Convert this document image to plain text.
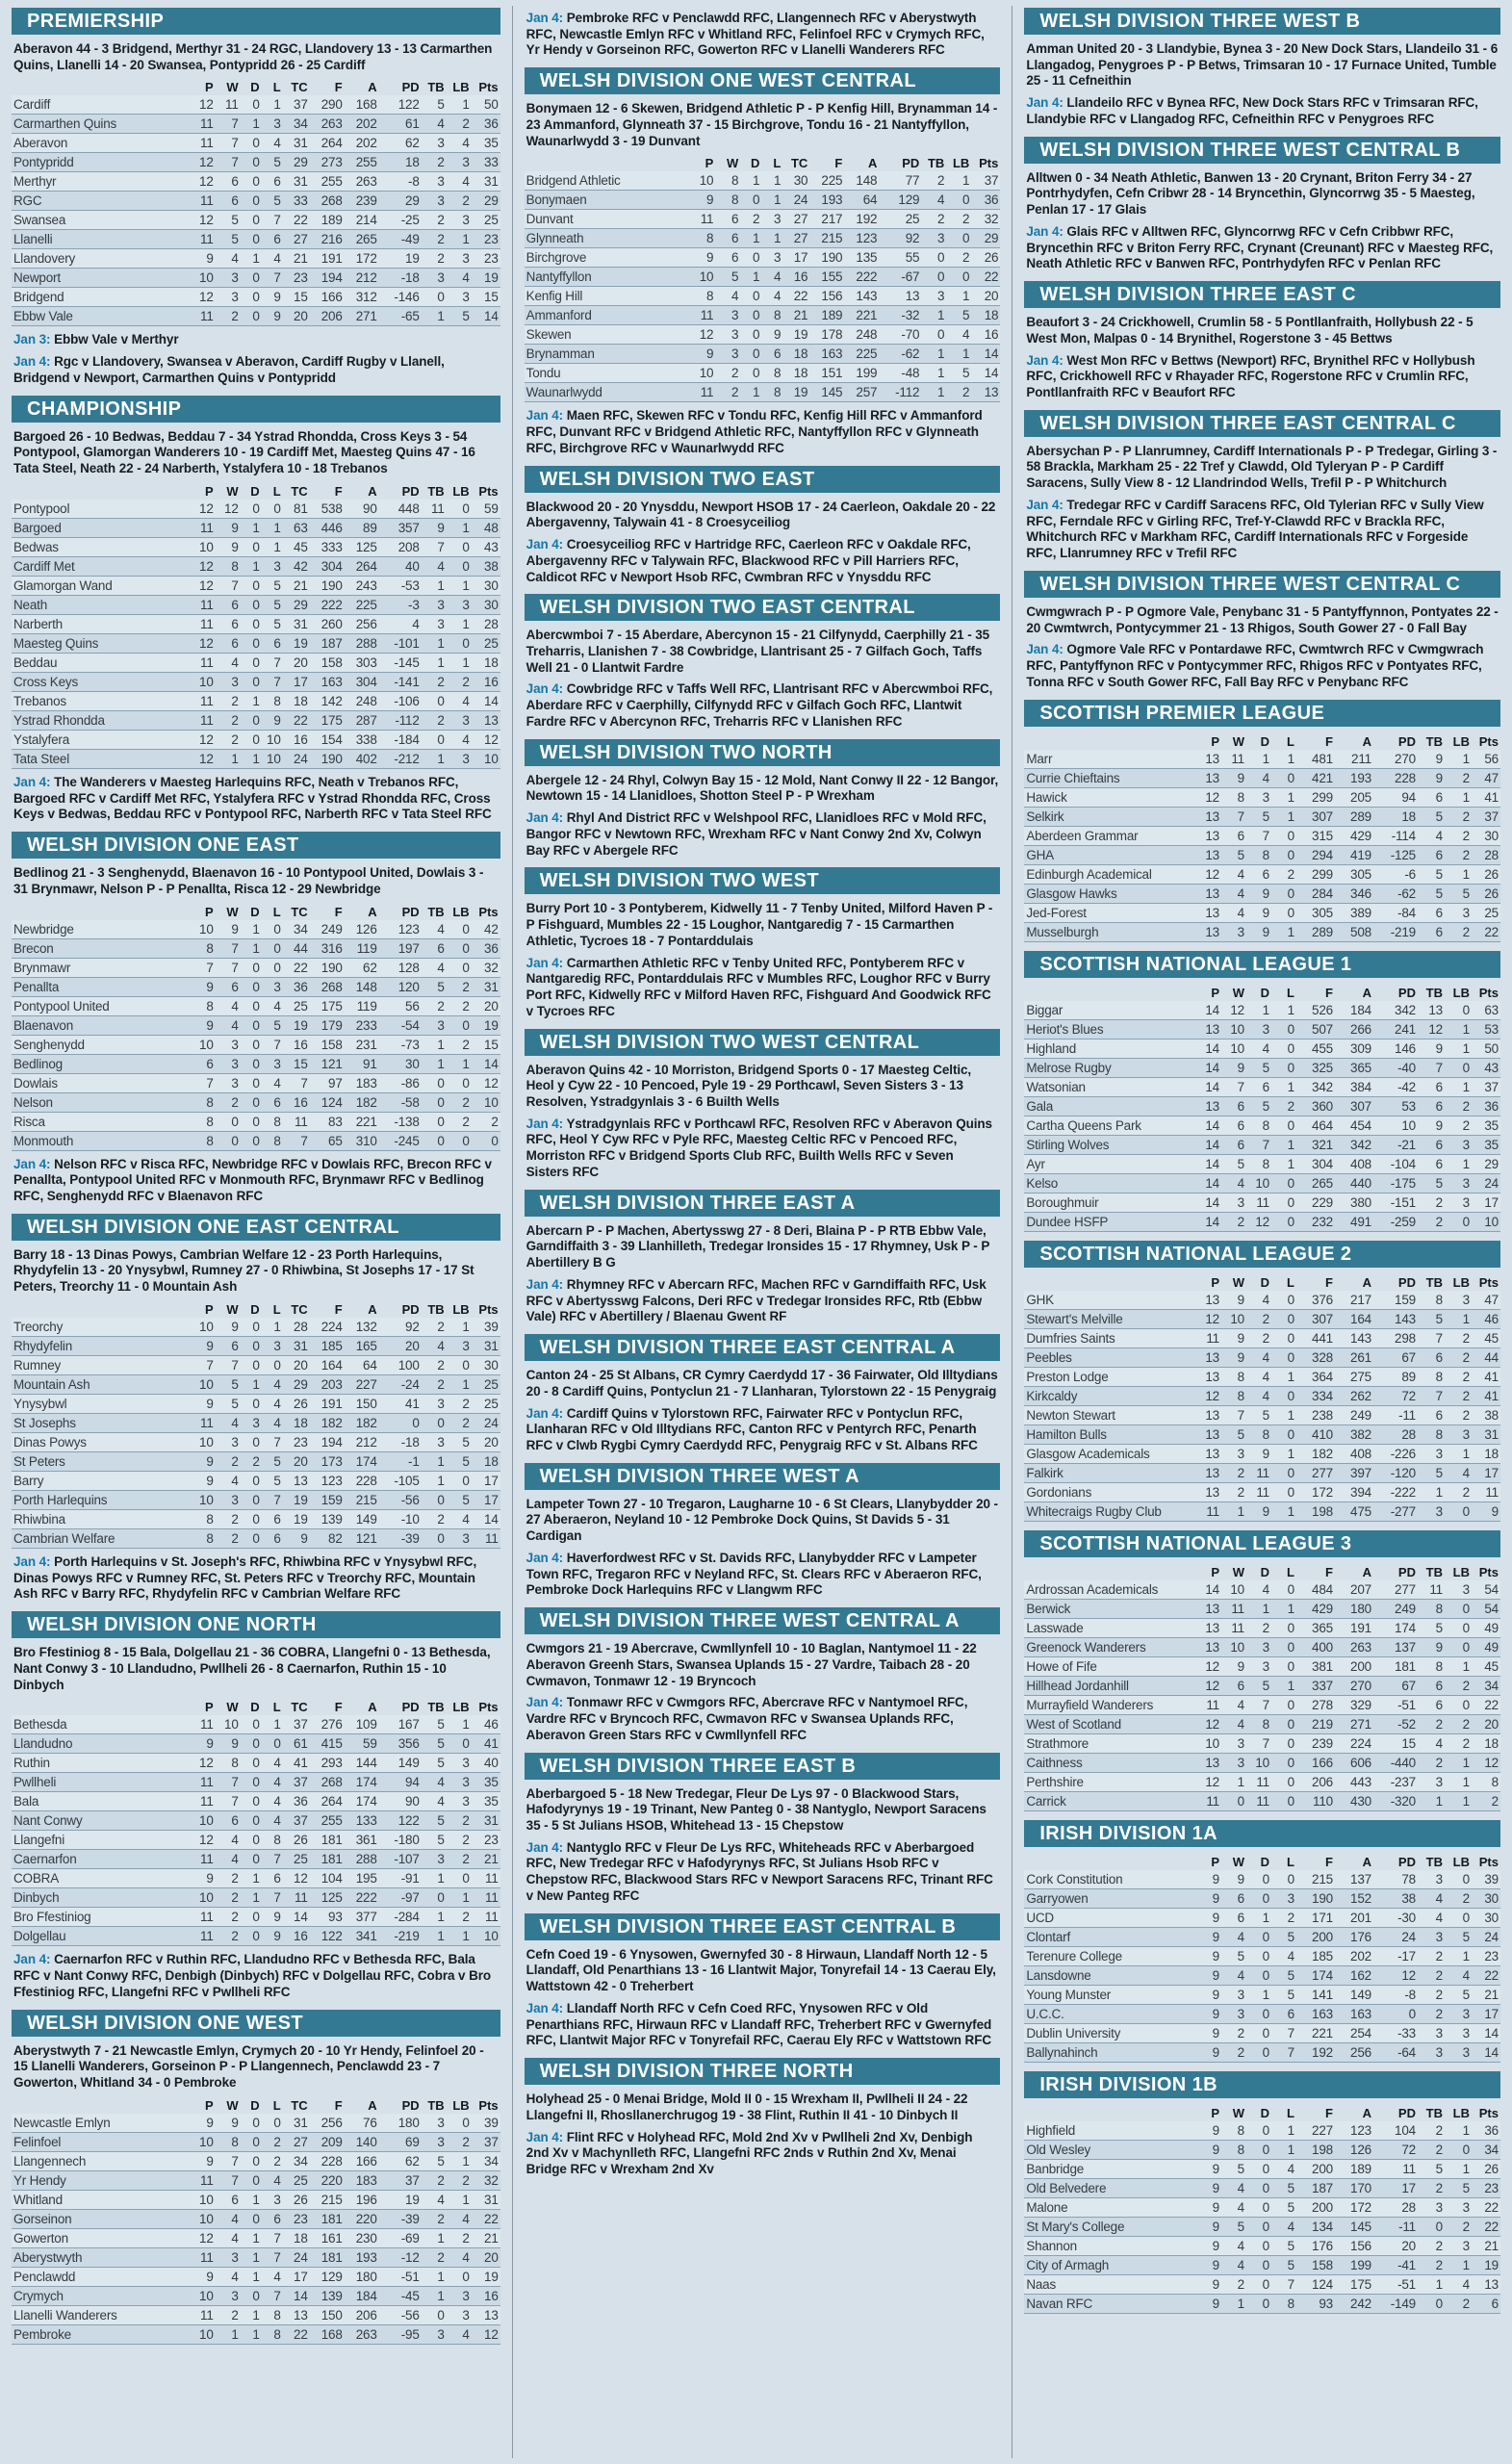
PREMIERSHIP

Aberavon 44 - 3 Bridgend, Merthyr 31 - 24 RGC, Llandovery 13 - 13 Carmarthen Quins, Llanelli 14 - 20 Swansea, Pontypridd 26 - 25 Cardiff

	P	W	D	L	TC	F	A	PD	TB	LB	Pts
Cardiff	12	11	0	1	37	290	168	122	5	1	50
Carmarthen Quins	11	7	1	3	34	263	202	61	4	2	36
Aberavon	11	7	0	4	31	264	202	62	3	4	35
Pontypridd	12	7	0	5	29	273	255	18	2	3	33
Merthyr	12	6	0	6	31	255	263	-8	3	4	31
RGC	11	6	0	5	33	268	239	29	3	2	29
Swansea	12	5	0	7	22	189	214	-25	2	3	25
Llanelli	11	5	0	6	27	216	265	-49	2	1	23
Llandovery	9	4	1	4	21	191	172	19	2	3	23
Newport	10	3	0	7	23	194	212	-18	3	4	19
Bridgend	12	3	0	9	15	166	312	-146	0	3	15
Ebbw Vale	11	2	0	9	20	206	271	-65	1	5	14

Jan 3: Ebbw Vale v Merthyr

Jan 4: Rgc v Llandovery, Swansea v Aberavon, Cardiff Rugby v Llanell, Bridgend v Newport, Carmarthen Quins v Pontypridd

CHAMPIONSHIP

Bargoed 26 - 10 Bedwas, Beddau 7 - 34 Ystrad Rhondda, Cross Keys 3 - 54 Pontypool, Glamorgan Wanderers 10 - 19 Cardiff Met, Maesteg Quins 47 - 16 Tata Steel, Neath 22 - 24 Narberth, Ystalyfera 10 - 18 Trebanos

	P	W	D	L	TC	F	A	PD	TB	LB	Pts
Pontypool	12	12	0	0	81	538	90	448	11	0	59
Bargoed	11	9	1	1	63	446	89	357	9	1	48
Bedwas	10	9	0	1	45	333	125	208	7	0	43
Cardiff Met	12	8	1	3	42	304	264	40	4	0	38
Glamorgan Wand	12	7	0	5	21	190	243	-53	1	1	30
Neath	11	6	0	5	29	222	225	-3	3	3	30
Narberth	11	6	0	5	31	260	256	4	3	1	28
Maesteg Quins	12	6	0	6	19	187	288	-101	1	0	25
Beddau	11	4	0	7	20	158	303	-145	1	1	18
Cross Keys	10	3	0	7	17	163	304	-141	2	2	16
Trebanos	11	2	1	8	18	142	248	-106	0	4	14
Ystrad Rhondda	11	2	0	9	22	175	287	-112	2	3	13
Ystalyfera	12	2	0	10	16	154	338	-184	0	4	12
Tata Steel	12	1	1	10	24	190	402	-212	1	3	10

Jan 4: The Wanderers v Maesteg Harlequins RFC, Neath v Trebanos RFC, Bargoed RFC v Cardiff Met RFC, Ystalyfera RFC v Ystrad Rhondda RFC, Cross Keys v Bedwas, Beddau RFC v Pontypool RFC, Narberth RFC v Tata Steel RFC

WELSH DIVISION ONE EAST

Bedlinog 21 - 3 Senghenydd, Blaenavon 16 - 10 Pontypool United, Dowlais 3 - 31 Brynmawr, Nelson P - P Penallta, Risca 12 - 29 Newbridge

	P	W	D	L	TC	F	A	PD	TB	LB	Pts
Newbridge	10	9	1	0	34	249	126	123	4	0	42
Brecon	8	7	1	0	44	316	119	197	6	0	36
Brynmawr	7	7	0	0	22	190	62	128	4	0	32
Penallta	9	6	0	3	36	268	148	120	5	2	31
Pontypool United	8	4	0	4	25	175	119	56	2	2	20
Blaenavon	9	4	0	5	19	179	233	-54	3	0	19
Senghenydd	10	3	0	7	16	158	231	-73	1	2	15
Bedlinog	6	3	0	3	15	121	91	30	1	1	14
Dowlais	7	3	0	4	7	97	183	-86	0	0	12
Nelson	8	2	0	6	16	124	182	-58	0	2	10
Risca	8	0	0	8	11	83	221	-138	0	2	2
Monmouth	8	0	0	8	7	65	310	-245	0	0	0

Jan 4: Nelson RFC v Risca RFC, Newbridge RFC v Dowlais RFC, Brecon RFC v Penallta, Pontypool United RFC v Monmouth RFC, Brynmawr RFC v Bedlinog RFC, Senghenydd RFC v Blaenavon RFC

WELSH DIVISION ONE EAST CENTRAL

Barry 18 - 13 Dinas Powys, Cambrian Welfare 12 - 23 Porth Harlequins, Rhydyfelin 13 - 20 Ynysybwl, Rumney 27 - 0 Rhiwbina, St Josephs 17 - 17 St Peters, Treorchy 11 - 0 Mountain Ash

	P	W	D	L	TC	F	A	PD	TB	LB	Pts
Treorchy	10	9	0	1	28	224	132	92	2	1	39
Rhydyfelin	9	6	0	3	31	185	165	20	4	3	31
Rumney	7	7	0	0	20	164	64	100	2	0	30
Mountain Ash	10	5	1	4	29	203	227	-24	2	1	25
Ynysybwl	9	5	0	4	26	191	150	41	3	2	25
St Josephs	11	4	3	4	18	182	182	0	0	2	24
Dinas Powys	10	3	0	7	23	194	212	-18	3	5	20
St Peters	9	2	2	5	20	173	174	-1	1	5	18
Barry	9	4	0	5	13	123	228	-105	1	0	17
Porth Harlequins	10	3	0	7	19	159	215	-56	0	5	17
Rhiwbina	8	2	0	6	19	139	149	-10	2	4	14
Cambrian Welfare	8	2	0	6	9	82	121	-39	0	3	11

Jan 4: Porth Harlequins v St. Joseph's RFC, Rhiwbina RFC v Ynysybwl RFC, Dinas Powys RFC v Rumney RFC, St. Peters RFC v Treorchy RFC, Mountain Ash RFC v Barry RFC, Rhydyfelin RFC v Cambrian Welfare RFC

WELSH DIVISION ONE NORTH

Bro Ffestiniog 8 - 15 Bala, Dolgellau 21 - 36 COBRA, Llangefni 0 - 13 Bethesda, Nant Conwy 3 - 10 Llandudno, Pwllheli 26 - 8 Caernarfon, Ruthin 15 - 10 Dinbych

	P	W	D	L	TC	F	A	PD	TB	LB	Pts
Bethesda	11	10	0	1	37	276	109	167	5	1	46
Llandudno	9	9	0	0	61	415	59	356	5	0	41
Ruthin	12	8	0	4	41	293	144	149	5	3	40
Pwllheli	11	7	0	4	37	268	174	94	4	3	35
Bala	11	7	0	4	36	264	174	90	4	3	35
Nant Conwy	10	6	0	4	37	255	133	122	5	2	31
Llangefni	12	4	0	8	26	181	361	-180	5	2	23
Caernarfon	11	4	0	7	25	181	288	-107	3	2	21
COBRA	9	2	1	6	12	104	195	-91	1	0	11
Dinbych	10	2	1	7	11	125	222	-97	0	1	11
Bro Ffestiniog	11	2	0	9	14	93	377	-284	1	2	11
Dolgellau	11	2	0	9	16	122	341	-219	1	1	10

Jan 4: Caernarfon RFC v Ruthin RFC, Llandudno RFC v Bethesda RFC, Bala RFC v Nant Conwy RFC, Denbigh (Dinbych) RFC v Dolgellau RFC, Cobra v Bro Ffestiniog RFC, Llangefni RFC v Pwllheli RFC

WELSH DIVISION ONE WEST

Aberystwyth 7 - 21 Newcastle Emlyn, Crymych 20 - 10 Yr Hendy, Felinfoel 20 - 15 Llanelli Wanderers, Gorseinon P - P Llangennech, Penclawdd 23 - 7 Gowerton, Whitland 34 - 0 Pembroke

	P	W	D	L	TC	F	A	PD	TB	LB	Pts
Newcastle Emlyn	9	9	0	0	31	256	76	180	3	0	39
Felinfoel	10	8	0	2	27	209	140	69	3	2	37
Llangennech	9	7	0	2	34	228	166	62	5	1	34
Yr Hendy	11	7	0	4	25	220	183	37	2	2	32
Whitland	10	6	1	3	26	215	196	19	4	1	31
Gorseinon	10	4	0	6	23	181	220	-39	2	4	22
Gowerton	12	4	1	7	18	161	230	-69	1	2	21
Aberystwyth	11	3	1	7	24	181	193	-12	2	4	20
Penclawdd	9	4	1	4	17	129	180	-51	1	0	19
Crymych	10	3	0	7	14	139	184	-45	1	3	16
Llanelli Wanderers	11	2	1	8	13	150	206	-56	0	3	13
Pembroke	10	1	1	8	22	168	263	-95	3	4	12

Jan 4: Pembroke RFC v Penclawdd RFC, Llangennech RFC v Aberystwyth RFC, Newcastle Emlyn RFC v Whitland RFC, Felinfoel RFC v Crymych RFC, Yr Hendy v Gorseinon RFC, Gowerton RFC v Llanelli Wanderers RFC

WELSH DIVISION ONE WEST CENTRAL

Bonymaen 12 - 6 Skewen, Bridgend Athletic P - P Kenfig Hill, Brynamman 14 - 23 Ammanford, Glynneath 37 - 15 Birchgrove, Tondu 16 - 21 Nantyffyllon, Waunarlwydd 3 - 19 Dunvant

	P	W	D	L	TC	F	A	PD	TB	LB	Pts
Bridgend Athletic	10	8	1	1	30	225	148	77	2	1	37
Bonymaen	9	8	0	1	24	193	64	129	4	0	36
Dunvant	11	6	2	3	27	217	192	25	2	2	32
Glynneath	8	6	1	1	27	215	123	92	3	0	29
Birchgrove	9	6	0	3	17	190	135	55	0	2	26
Nantyffyllon	10	5	1	4	16	155	222	-67	0	0	22
Kenfig Hill	8	4	0	4	22	156	143	13	3	1	20
Ammanford	11	3	0	8	21	189	221	-32	1	5	18
Skewen	12	3	0	9	19	178	248	-70	0	4	16
Brynamman	9	3	0	6	18	163	225	-62	1	1	14
Tondu	10	2	0	8	18	151	199	-48	1	5	14
Waunarlwydd	11	2	1	8	19	145	257	-112	1	2	13

Jan 4: Maen RFC, Skewen RFC v Tondu RFC, Kenfig Hill RFC v Ammanford RFC, Dunvant RFC v Bridgend Athletic RFC, Nantyffyllon RFC v Glynneath RFC, Birchgrove RFC v Waunarlwydd RFC

WELSH DIVISION TWO EAST

Blackwood 20 - 20 Ynysddu, Newport HSOB 17 - 24 Caerleon, Oakdale 20 - 22 Abergavenny, Talywain 41 - 8 Croesyceiliog

Jan 4: Croesyceiliog RFC v Hartridge RFC, Caerleon RFC v Oakdale RFC, Abergavenny RFC v Talywain RFC, Blackwood RFC v Pill Harriers RFC, Caldicot RFC v Newport Hsob RFC, Cwmbran RFC v Ynysddu RFC

WELSH DIVISION TWO EAST CENTRAL

Abercwmboi 7 - 15 Aberdare, Abercynon 15 - 21 Cilfynydd, Caerphilly 21 - 35 Treharris, Llanishen 7 - 38 Cowbridge, Llantrisant 25 - 7 Gilfach Goch, Taffs Well 21 - 0 Llantwit Fardre

Jan 4: Cowbridge RFC v Taffs Well RFC, Llantrisant RFC v Abercwmboi RFC, Aberdare RFC v Caerphilly, Cilfynydd RFC v Gilfach Goch RFC, Llantwit Fardre RFC v Abercynon RFC, Treharris RFC v Llanishen RFC

WELSH DIVISION TWO NORTH

Abergele 12 - 24 Rhyl, Colwyn Bay 15 - 12 Mold, Nant Conwy II 22 - 12 Bangor, Newtown 15 - 14 Llanidloes, Shotton Steel P - P Wrexham

Jan 4: Rhyl And District RFC v Welshpool RFC, Llanidloes RFC v Mold RFC, Bangor RFC v Newtown RFC, Wrexham RFC v Nant Conwy 2nd Xv, Colwyn Bay RFC v Abergele RFC

WELSH DIVISION TWO WEST

Burry Port 10 - 3 Pontyberem, Kidwelly 11 - 7 Tenby United, Milford Haven P - P Fishguard, Mumbles 22 - 15 Loughor, Nantgaredig 7 - 15 Carmarthen Athletic, Tycroes 18 - 7 Pontarddulais

Jan 4: Carmarthen Athletic RFC v Tenby United RFC, Pontyberem RFC v Nantgaredig RFC, Pontarddulais RFC v Mumbles RFC, Loughor RFC v Burry Port RFC, Kidwelly RFC v Milford Haven RFC, Fishguard And Goodwick RFC v Tycroes RFC

WELSH DIVISION TWO WEST CENTRAL

Aberavon Quins 42 - 10 Morriston, Bridgend Sports 0 - 17 Maesteg Celtic, Heol y Cyw 22 - 10 Pencoed, Pyle 19 - 29 Porthcawl, Seven Sisters 3 - 13 Resolven, Ystradgynlais 3 - 6 Builth Wells

Jan 4: Ystradgynlais RFC v Porthcawl RFC, Resolven RFC v Aberavon Quins RFC, Heol Y Cyw RFC v Pyle RFC, Maesteg Celtic RFC v Pencoed RFC, Morriston RFC v Bridgend Sports Club RFC, Builth Wells RFC v Seven Sisters RFC

WELSH DIVISION THREE EAST A

Abercarn P - P Machen, Abertysswg 27 - 8 Deri, Blaina P - P RTB Ebbw Vale, Garndiffaith 3 - 39 Llanhilleth, Tredegar Ironsides 15 - 17 Rhymney, Usk P - P Abertillery B G

Jan 4: Rhymney RFC v Abercarn RFC, Machen RFC v Garndiffaith RFC, Usk RFC v Abertysswg Falcons, Deri RFC v Tredegar Ironsides RFC, Rtb (Ebbw Vale) RFC v Abertillery / Blaenau Gwent RF

WELSH DIVISION THREE EAST CENTRAL A

Canton 24 - 25 St Albans, CR Cymry Caerdydd 17 - 36 Fairwater, Old Illtydians 20 - 8 Cardiff Quins, Pontyclun 21 - 7 Llanharan, Tylorstown 22 - 15 Penygraig

Jan 4: Cardiff Quins v Tylorstown RFC, Fairwater RFC v Pontyclun RFC, Llanharan RFC v Old Illtydians RFC, Canton RFC v Pentyrch RFC, Penarth RFC v Clwb Rygbi Cymry Caerdydd RFC, Penygraig RFC v St. Albans RFC

WELSH DIVISION THREE WEST A

Lampeter Town 27 - 10 Tregaron, Laugharne 10 - 6 St Clears, Llanybydder 20 - 27 Aberaeron, Neyland 10 - 12 Pembroke Dock Quins, St Davids 5 - 31 Cardigan

Jan 4: Haverfordwest RFC v St. Davids RFC, Llanybydder RFC v Lampeter Town RFC, Tregaron RFC v Neyland RFC, St. Clears RFC v Aberaeron RFC, Pembroke Dock Harlequins RFC v Llangwm RFC

WELSH DIVISION THREE WEST CENTRAL A

Cwmgors 21 - 19 Abercrave, Cwmllynfell 10 - 10 Baglan, Nantymoel 11 - 22 Aberavon Greenh Stars, Swansea Uplands 15 - 27 Vardre, Taibach 28 - 20 Cwmavon, Tonmawr 12 - 19 Bryncoch

Jan 4: Tonmawr RFC v Cwmgors RFC, Abercrave RFC v Nantymoel RFC, Vardre RFC v Bryncoch RFC, Cwmavon RFC v Swansea Uplands RFC, Aberavon Green Stars RFC v Cwmllynfell RFC

WELSH DIVISION THREE EAST B

Aberbargoed 5 - 18 New Tredegar, Fleur De Lys 97 - 0 Blackwood Stars, Hafodyrynys 19 - 19 Trinant, New Panteg 0 - 38 Nantyglo, Newport Saracens 35 - 5 St Julians HSOB, Whitehead 13 - 15 Chepstow

Jan 4: Nantyglo RFC v Fleur De Lys RFC, Whiteheads RFC v Aberbargoed RFC, New Tredegar RFC v Hafodyrynys RFC, St Julians Hsob RFC v Chepstow RFC, Blackwood Stars RFC v Newport Saracens RFC, Trinant RFC v New Panteg RFC

WELSH DIVISION THREE EAST CENTRAL B

Cefn Coed 19 - 6 Ynysowen, Gwernyfed 30 - 8 Hirwaun, Llandaff North 12 - 5 Llandaff, Old Penarthians 13 - 16 Llantwit Major, Tonyrefail 14 - 13 Caerau Ely, Wattstown 42 - 0 Treherbert

Jan 4: Llandaff North RFC v Cefn Coed RFC, Ynysowen RFC v Old Penarthians RFC, Hirwaun RFC v Llandaff RFC, Treherbert RFC v Gwernyfed RFC, Llantwit Major RFC v Tonyrefail RFC, Caerau Ely RFC v Wattstown RFC

WELSH DIVISION THREE NORTH

Holyhead 25 - 0 Menai Bridge, Mold II 0 - 15 Wrexham II, Pwllheli II 24 - 22 Llangefni II, Rhosllanerchrugog 19 - 38 Flint, Ruthin II 41 - 10 Dinbych II

Jan 4: Flint RFC v Holyhead RFC, Mold 2nd Xv v Pwllheli 2nd Xv, Denbigh 2nd Xv v Machynlleth RFC, Llangefni RFC 2nds v Ruthin 2nd Xv, Menai Bridge RFC v Wrexham 2nd Xv

WELSH DIVISION THREE WEST B

Amman United 20 - 3 Llandybie, Bynea 3 - 20 New Dock Stars, Llandeilo 31 - 6 Llangadog, Penygroes P - P Betws, Trimsaran 10 - 17 Furnace United, Tumble 25 - 11 Cefneithin

Jan 4: Llandeilo RFC v Bynea RFC, New Dock Stars RFC v Trimsaran RFC, Llandybie RFC v Llangadog RFC, Cefneithin RFC v Penygroes RFC

WELSH DIVISION THREE WEST CENTRAL B

Alltwen 0 - 34 Neath Athletic, Banwen 13 - 20 Crynant, Briton Ferry 34 - 27 Pontrhydyfen, Cefn Cribwr 28 - 14 Bryncethin, Glyncorrwg 35 - 5 Maesteg, Penlan 17 - 17 Glais

Jan 4: Glais RFC v Alltwen RFC, Glyncorrwg RFC v Cefn Cribbwr RFC, Bryncethin RFC v Briton Ferry RFC, Crynant (Creunant) RFC v Maesteg RFC, Neath Athletic RFC v Banwen RFC, Pontrhydyfen RFC v Penlan RFC

WELSH DIVISION THREE EAST C

Beaufort 3 - 24 Crickhowell, Crumlin 58 - 5 Pontllanfraith, Hollybush 22 - 5 West Mon, Malpas 0 - 14 Brynithel, Rogerstone 3 - 45 Bettws

Jan 4: West Mon RFC v Bettws (Newport) RFC, Brynithel RFC v Hollybush RFC, Crickhowell RFC v Rhayader RFC, Rogerstone RFC v Crumlin RFC, Pontllanfraith RFC v Beaufort RFC

WELSH DIVISION THREE EAST CENTRAL C

Abersychan P - P Llanrumney, Cardiff Internationals P - P Tredegar, Girling 3 - 58 Brackla, Markham 25 - 22 Tref y Clawdd, Old Tyleryan P - P Cardiff Saracens, Sully View 8 - 12 Llandrindod Wells, Trefil P - P Whitchurch

Jan 4: Tredegar RFC v Cardiff Saracens RFC, Old Tylerian RFC v Sully View RFC, Ferndale RFC v Girling RFC, Tref-Y-Clawdd RFC v Brackla RFC, Whitchurch RFC v Markham RFC, Cardiff Internationals RFC v Forgeside RFC, Llanrumney RFC v Trefil RFC

WELSH DIVISION THREE WEST CENTRAL C

Cwmgwrach P - P Ogmore Vale, Penybanc 31 - 5 Pantyffynnon, Pontyates 22 - 20 Cwmtwrch, Pontycymmer 21 - 13 Rhigos, South Gower 27 - 0 Fall Bay

Jan 4: Ogmore Vale RFC v Pontardawe RFC, Cwmtwrch RFC v Cwmgwrach RFC, Pantyffynon RFC v Pontycymmer RFC, Rhigos RFC v Pontyates RFC, Tonna RFC v South Gower RFC, Fall Bay RFC v Penybanc RFC

SCOTTISH PREMIER LEAGUE
	P	W	D	L	F	A	PD	TB	LB	Pts
Marr	13	11	1	1	481	211	270	9	1	56
Currie Chieftains	13	9	4	0	421	193	228	9	2	47
Hawick	12	8	3	1	299	205	94	6	1	41
Selkirk	13	7	5	1	307	289	18	5	2	37
Aberdeen Grammar	13	6	7	0	315	429	-114	4	2	30
GHA	13	5	8	0	294	419	-125	6	2	28
Edinburgh Academical	12	4	6	2	299	305	-6	5	1	26
Glasgow Hawks	13	4	9	0	284	346	-62	5	5	26
Jed-Forest	13	4	9	0	305	389	-84	6	3	25
Musselburgh	13	3	9	1	289	508	-219	6	2	22
SCOTTISH NATIONAL LEAGUE 1
	P	W	D	L	F	A	PD	TB	LB	Pts
Biggar	14	12	1	1	526	184	342	13	0	63
Heriot's Blues	13	10	3	0	507	266	241	12	1	53
Highland	14	10	4	0	455	309	146	9	1	50
Melrose Rugby	14	9	5	0	325	365	-40	7	0	43
Watsonian	14	7	6	1	342	384	-42	6	1	37
Gala	13	6	5	2	360	307	53	6	2	36
Cartha Queens Park	14	6	8	0	464	454	10	9	2	35
Stirling Wolves	14	6	7	1	321	342	-21	6	3	35
Ayr	14	5	8	1	304	408	-104	6	1	29
Kelso	14	4	10	0	265	440	-175	5	3	24
Boroughmuir	14	3	11	0	229	380	-151	2	3	17
Dundee HSFP	14	2	12	0	232	491	-259	2	0	10
SCOTTISH NATIONAL LEAGUE 2
	P	W	D	L	F	A	PD	TB	LB	Pts
GHK	13	9	4	0	376	217	159	8	3	47
Stewart's Melville	12	10	2	0	307	164	143	5	1	46
Dumfries Saints	11	9	2	0	441	143	298	7	2	45
Peebles	13	9	4	0	328	261	67	6	2	44
Preston Lodge	13	8	4	1	364	275	89	8	2	41
Kirkcaldy	12	8	4	0	334	262	72	7	2	41
Newton Stewart	13	7	5	1	238	249	-11	6	2	38
Hamilton Bulls	13	5	8	0	410	382	28	8	3	31
Glasgow Academicals	13	3	9	1	182	408	-226	3	1	18
Falkirk	13	2	11	0	277	397	-120	5	4	17
Gordonians	13	2	11	0	172	394	-222	1	2	11
Whitecraigs Rugby Club	11	1	9	1	198	475	-277	3	0	9
SCOTTISH NATIONAL LEAGUE 3
	P	W	D	L	F	A	PD	TB	LB	Pts
Ardrossan Academicals	14	10	4	0	484	207	277	11	3	54
Berwick	13	11	1	1	429	180	249	8	0	54
Lasswade	13	11	2	0	365	191	174	5	0	49
Greenock Wanderers	13	10	3	0	400	263	137	9	0	49
Howe of Fife	12	9	3	0	381	200	181	8	1	45
Hillhead Jordanhill	12	6	5	1	337	270	67	6	2	34
Murrayfield Wanderers	11	4	7	0	278	329	-51	6	0	22
West of Scotland	12	4	8	0	219	271	-52	2	2	20
Strathmore	10	3	7	0	239	224	15	4	2	18
Caithness	13	3	10	0	166	606	-440	2	1	12
Perthshire	12	1	11	0	206	443	-237	3	1	8
Carrick	11	0	11	0	110	430	-320	1	1	2
IRISH DIVISION 1A
	P	W	D	L	F	A	PD	TB	LB	Pts
Cork Constitution	9	9	0	0	215	137	78	3	0	39
Garryowen	9	6	0	3	190	152	38	4	2	30
UCD	9	6	1	2	171	201	-30	4	0	30
Clontarf	9	4	0	5	200	176	24	3	5	24
Terenure College	9	5	0	4	185	202	-17	2	1	23
Lansdowne	9	4	0	5	174	162	12	2	4	22
Young Munster	9	3	1	5	141	149	-8	2	5	21
U.C.C.	9	3	0	6	163	163	0	2	3	17
Dublin University	9	2	0	7	221	254	-33	3	3	14
Ballynahinch	9	2	0	7	192	256	-64	3	3	14
IRISH DIVISION 1B
	P	W	D	L	F	A	PD	TB	LB	Pts
Highfield	9	8	0	1	227	123	104	2	1	36
Old Wesley	9	8	0	1	198	126	72	2	0	34
Banbridge	9	5	0	4	200	189	11	5	1	26
Old Belvedere	9	4	0	5	187	170	17	2	5	23
Malone	9	4	0	5	200	172	28	3	3	22
St Mary's College	9	5	0	4	134	145	-11	0	2	22
Shannon	9	4	0	5	176	156	20	2	3	21
City of Armagh	9	4	0	5	158	199	-41	2	1	19
Naas	9	2	0	7	124	175	-51	1	4	13
Navan RFC	9	1	0	8	93	242	-149	0	2	6
